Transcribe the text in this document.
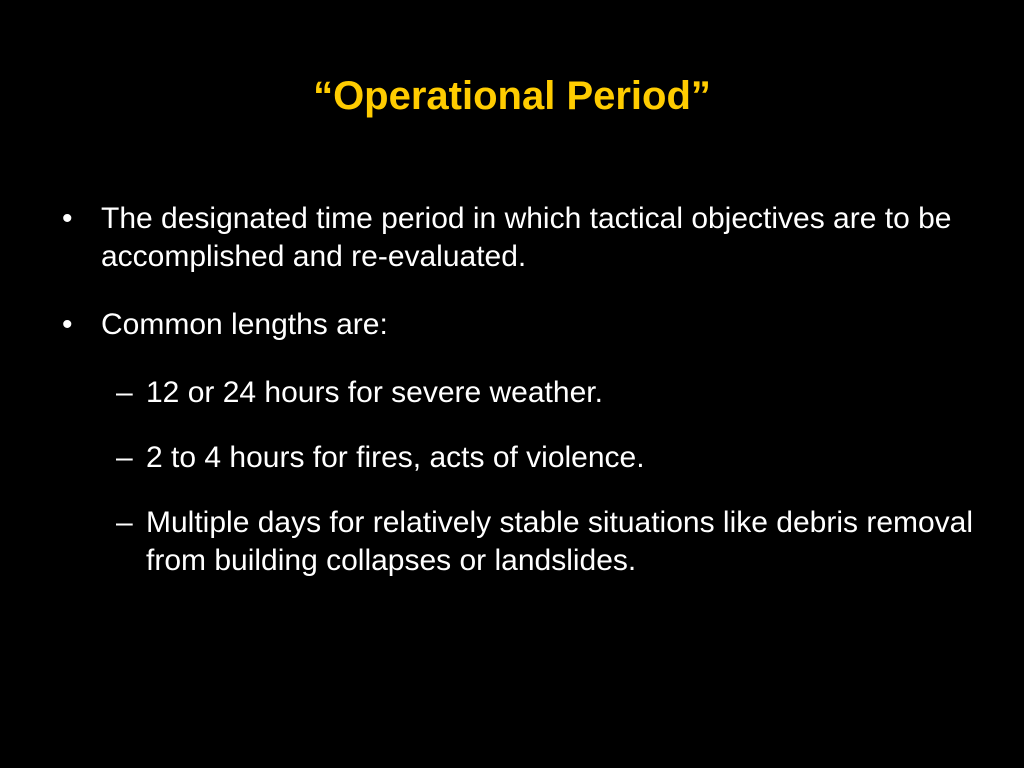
“Operational Period”
• The designated time period in which tactical objectives are to be accomplished and re-evaluated.
• Common lengths are:
– 12 or 24 hours for severe weather.
– 2 to 4 hours for fires, acts of violence.
– Multiple days for relatively stable situations like debris removal from building collapses or landslides.
